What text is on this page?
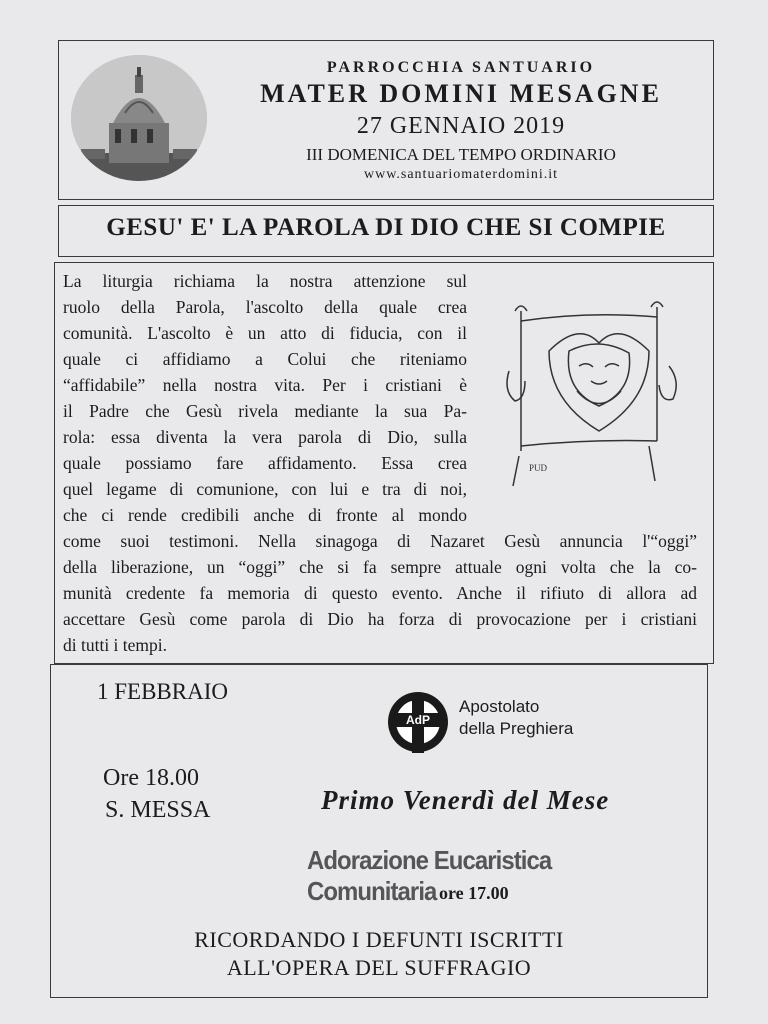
PARROCCHIA SANTUARIO
MATER DOMINI MESAGNE
27 GENNAIO 2019
III DOMENICA DEL TEMPO ORDINARIO
www.santuariomaterdomini.it
GESU' E' LA PAROLA DI DIO CHE SI COMPIE
PUD
La liturgia richiama la nostra attenzione sul
ruolo della Parola, l'ascolto della quale crea
comunità. L'ascolto è un atto di fiducia, con il
quale ci affidiamo a Colui che riteniamo
“affidabile” nella nostra vita. Per i cristiani è
il Padre che Gesù rivela mediante la sua Pa-
rola: essa diventa la vera parola di Dio, sulla
quale possiamo fare affidamento. Essa crea
quel legame di comunione, con lui e tra di noi,
che ci rende credibili anche di fronte al mondo
come suoi testimoni. Nella sinagoga di Nazaret Gesù annuncia l'“oggi”
della liberazione, un “oggi” che si fa sempre attuale ogni volta che la co-
munità credente fa memoria di questo evento. Anche il rifiuto di allora ad
accettare Gesù come parola di Dio ha forza di provocazione per i cristiani
di tutti i tempi.
1 FEBBRAIO
Ore 18.00
S. MESSA
AdP
Apostolato
della Preghiera
Primo Venerdì del Mese
Adorazione Eucaristica Comunitaria ore 17.00
RICORDANDO I DEFUNTI ISCRITTI
ALL'OPERA DEL SUFFRAGIO
